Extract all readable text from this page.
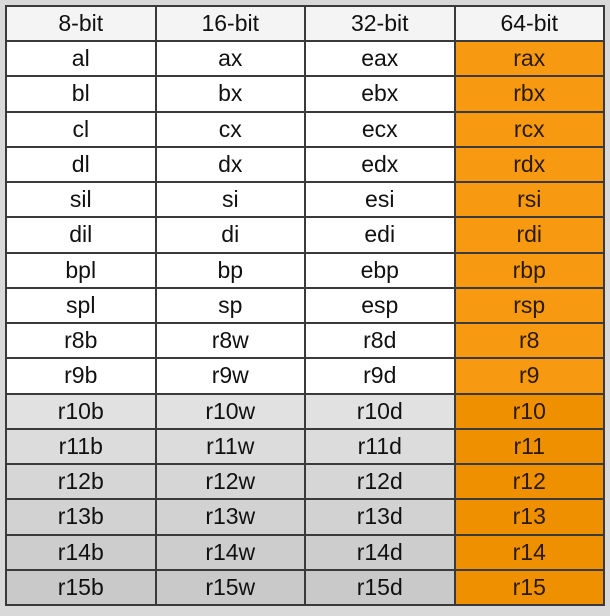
8-bit	16-bit	32-bit	64-bit
al	ax	eax	rax
bl	bx	ebx	rbx
cl	cx	ecx	rcx
dl	dx	edx	rdx
sil	si	esi	rsi
dil	di	edi	rdi
bpl	bp	ebp	rbp
spl	sp	esp	rsp
r8b	r8w	r8d	r8
r9b	r9w	r9d	r9
r10b	r10w	r10d	r10
r11b	r11w	r11d	r11
r12b	r12w	r12d	r12
r13b	r13w	r13d	r13
r14b	r14w	r14d	r14
r15b	r15w	r15d	r15
